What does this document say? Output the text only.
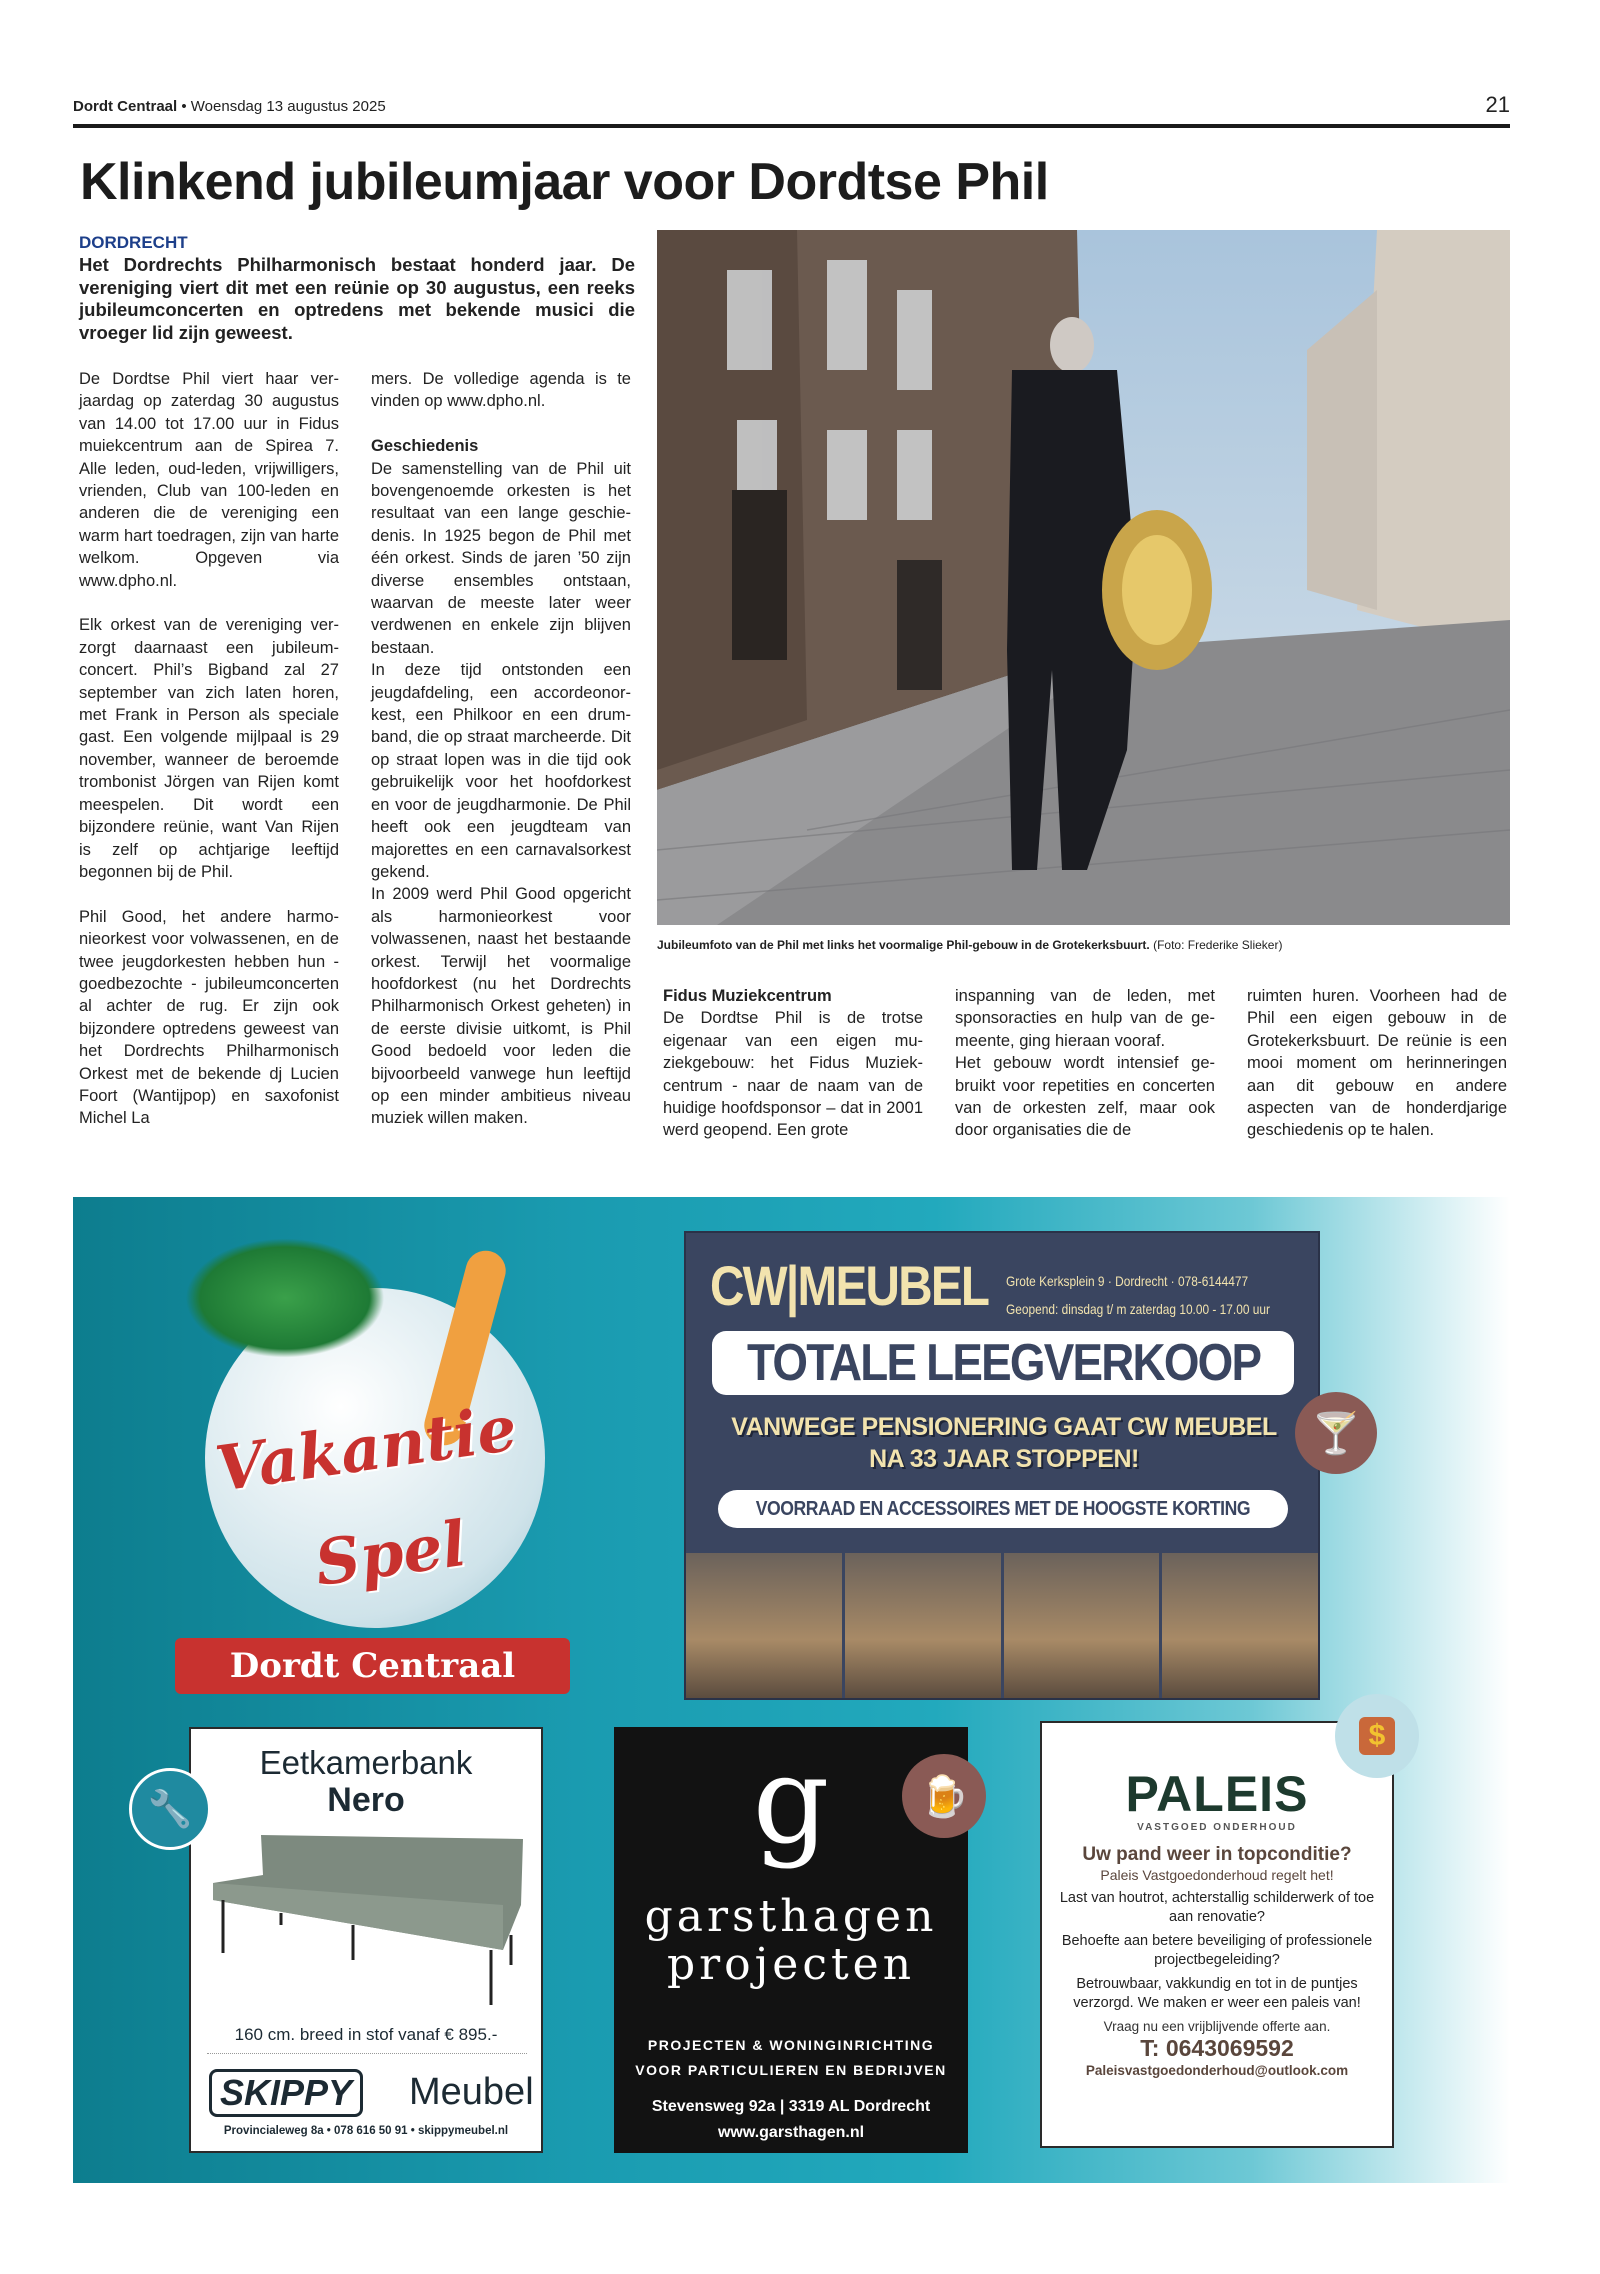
Dordt Centraal • Woensdag 13 augustus 2025	21
Klinkend jubileumjaar voor Dordtse Phil
DORDRECHT
Het Dordrechts Philharmonisch bestaat honderd jaar. De vereniging viert dit met een reünie op 30 augustus, een reeks jubileumconcerten en optredens met bekende musici die vroeger lid zijn geweest.

De Dordtse Phil viert haar verjaardag op zaterdag 30 augustus van 14.00 tot 17.00 uur in Fidus muiekcentrum aan de Spirea 7. Alle leden, oud-leden, vrijwilligers, vrienden, Club van 100-leden en anderen die de vereniging een warm hart toedragen, zijn van harte welkom. Opgeven via www.dpho.nl.

Elk orkest van de vereniging verzorgt daarnaast een jubileumconcert. Phil’s Bigband zal 27 september van zich laten horen, met Frank in Person als speciale gast. Een volgende mijlpaal is 29 november, wanneer de beroemde trombonist Jörgen van Rijen komt meespelen. Dit wordt een bijzondere reünie, want Van Rijen is zelf op achtjarige leeftijd begonnen bij de Phil.

Phil Good, het andere harmonieorkest voor volwassenen, en de twee jeugdorkesten hebben hun - goedbezochte - jubileumconcerten al achter de rug. Er zijn ook bijzondere optredens geweest van het Dordrechts Philharmonisch Orkest met de bekende dj Lucien Foort (Wantijpop) en saxofonist Michel La

mers. De volledige agenda is te vinden op www.dpho.nl.

Geschiedenis

De samenstelling van de Phil uit bovengenoemde orkesten is het resultaat van een lange geschiedenis. In 1925 begon de Phil met één orkest. Sinds de jaren ’50 zijn diverse ensembles ontstaan, waarvan de meeste later weer verdwenen en enkele zijn blijven bestaan.

In deze tijd ontstonden een jeugdafdeling, een accordeonorkest, een Philkoor en een drumband, die op straat marcheerde. Dit op straat lopen was in die tijd ook gebruikelijk voor het hoofdorkest en voor de jeugdharmonie. De Phil heeft ook een jeugdteam van majorettes en een carnavalsorkest gekend.

In 2009 werd Phil Good opgericht als harmonieorkest voor volwassenen, naast het bestaande orkest. Terwijl het voormalige hoofdorkest (nu het Dordrechts Philharmonisch Orkest geheten) in de eerste divisie uitkomt, is Phil Good bedoeld voor leden die bijvoorbeeld vanwege hun leeftijd op een minder ambitieus niveau muziek willen maken.

Jubileumfoto van de Phil met links het voormalige Phil-gebouw in de Grotekerksbuurt. (Foto: Frederike Slieker)
Fidus Muziekcentrum

De Dordtse Phil is de trotse eigenaar van een eigen muziekgebouw: het Fidus Muziekcentrum - naar de naam van de huidige hoofdsponsor – dat in 2001 werd geopend. Een grote

inspanning van de leden, met sponsoracties en hulp van de gemeente, ging hieraan vooraf.

Het gebouw wordt intensief gebruikt voor repetities en concerten van de orkesten zelf, maar ook door organisaties die de

ruimten huren. Voorheen had de Phil een eigen gebouw in de Grotekerksbuurt. De reünie is een mooi moment om herinneringen aan dit gebouw en andere aspecten van de honderdjarige geschiedenis op te halen.

Vakantie
Spel
Dordt Centraal
CW|MEUBEL Grote Kerksplein 9 · Dordrecht · 078-6144477
Geopend: dinsdag t/ m zaterdag 10.00 - 17.00 uur
TOTALE LEEGVERKOOP
VANWEGE PENSIONERING GAAT CW MEUBEL
NA 33 JAAR STOPPEN!
VOORRAAD EN ACCESSOIRES MET DE HOOGSTE KORTING
🍸
Eetkamerbank
Nero
160 cm. breed in stof vanaf € 895.-
SKIPPY Meubel
Provincialeweg 8a • 078 616 50 91 • skippymeubel.nl
🔧	g
garsthagen
projecten
PROJECTEN & WONINGINRICHTING
VOOR PARTICULIEREN EN BEDRIJVEN
Stevensweg 92a | 3319 AL Dordrecht
www.garsthagen.nl
🍺	PALEIS
VASTGOED ONDERHOUD
Uw pand weer in topconditie?
Paleis Vastgoedonderhoud regelt het!
Last van houtrot, achterstallig schilderwerk of toe aan renovatie?
Behoefte aan betere beveiliging of professionele projectbegeleiding?
Betrouwbaar, vakkundig en tot in de puntjes verzorgd. We maken er weer een paleis van!
Vraag nu een vrijblijvende offerte aan.
T: 0643069592
Paleisvastgoedonderhoud@outlook.com
$
